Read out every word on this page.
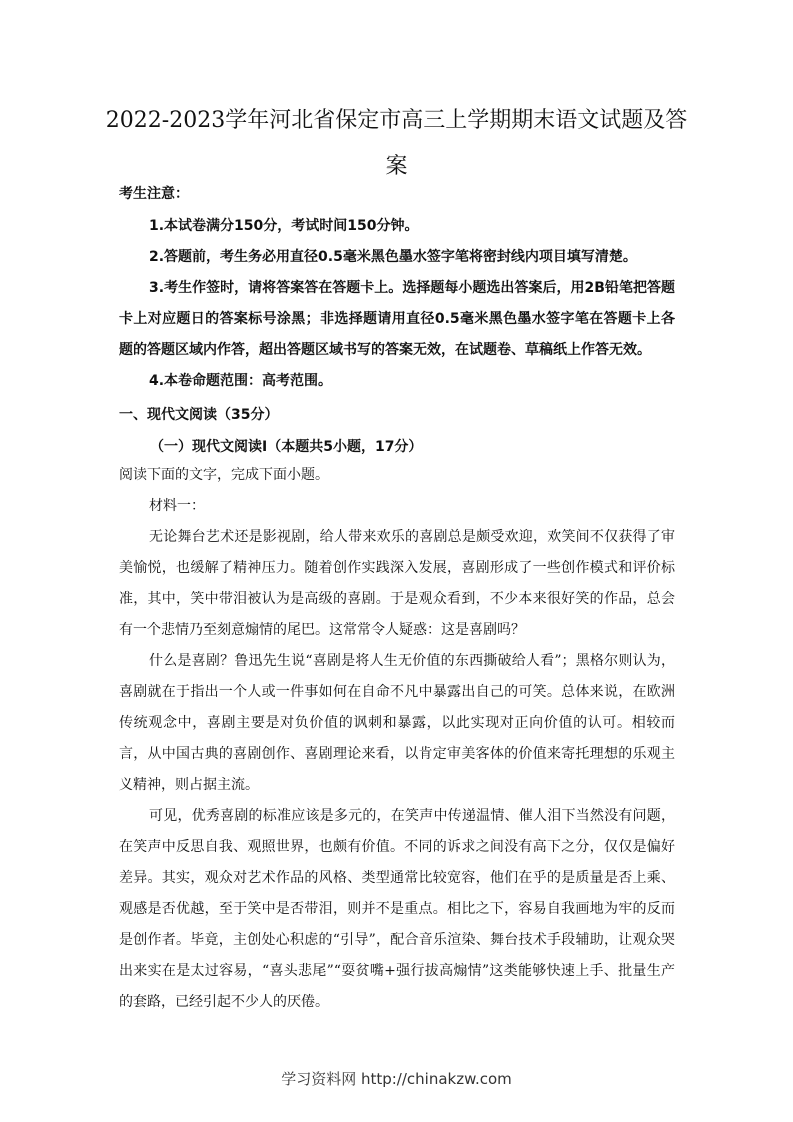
2022-2023学年河北省保定市高三上学期期末语文试题及答案
考生注意：
1.本试卷满分150分，考试时间150分钟。
2.答题前，考生务必用直径0.5毫米黑色墨水签字笔将密封线内项目填写清楚。
3.考生作签时，请将答案答在答题卡上。选择题每小题选出答案后，用2B铅笔把答题卡上对应题日的答案标号涂黑；非选择题请用直径0.5毫米黑色墨水签字笔在答题卡上各题的答题区域内作答，超出答题区域书写的答案无效，在试题卷、草稿纸上作答无效。
4.本卷命题范围：高考范围。
一、现代文阅读（35分）
（一）现代文阅读Ⅰ（本题共5小题，17分）
阅读下面的文字，完成下面小题。
材料一：
无论舞台艺术还是影视剧，给人带来欢乐的喜剧总是颇受欢迎，欢笑间不仅获得了审美愉悦，也缓解了精神压力。随着创作实践深入发展，喜剧形成了一些创作模式和评价标准，其中，笑中带泪被认为是高级的喜剧。于是观众看到，不少本来很好笑的作品，总会有一个悲情乃至刻意煽情的尾巴。这常常令人疑惑：这是喜剧吗？
什么是喜剧？鲁迅先生说“喜剧是将人生无价值的东西撕破给人看”；黑格尔则认为，喜剧就在于指出一个人或一件事如何在自命不凡中暴露出自己的可笑。总体来说，在欧洲传统观念中，喜剧主要是对负价值的讽刺和暴露，以此实现对正向价值的认可。相较而言，从中国古典的喜剧创作、喜剧理论来看，以肯定审美客体的价值来寄托理想的乐观主义精神，则占据主流。
可见，优秀喜剧的标准应该是多元的，在笑声中传递温情、催人泪下当然没有问题，在笑声中反思自我、观照世界，也颇有价值。不同的诉求之间没有高下之分，仅仅是偏好差异。其实，观众对艺术作品的风格、类型通常比较宽容，他们在乎的是质量是否上乘、观感是否优越，至于笑中是否带泪，则并不是重点。相比之下，容易自我画地为牢的反而是创作者。毕竟，主创处心积虑的“引导”，配合音乐渲染、舞台技术手段辅助，让观众哭出来实在是太过容易，“喜头悲尾”“耍贫嘴+强行拔高煽情”这类能够快速上手、批量生产的套路，已经引起不少人的厌倦。
学习资料网 http://chinakzw.com
